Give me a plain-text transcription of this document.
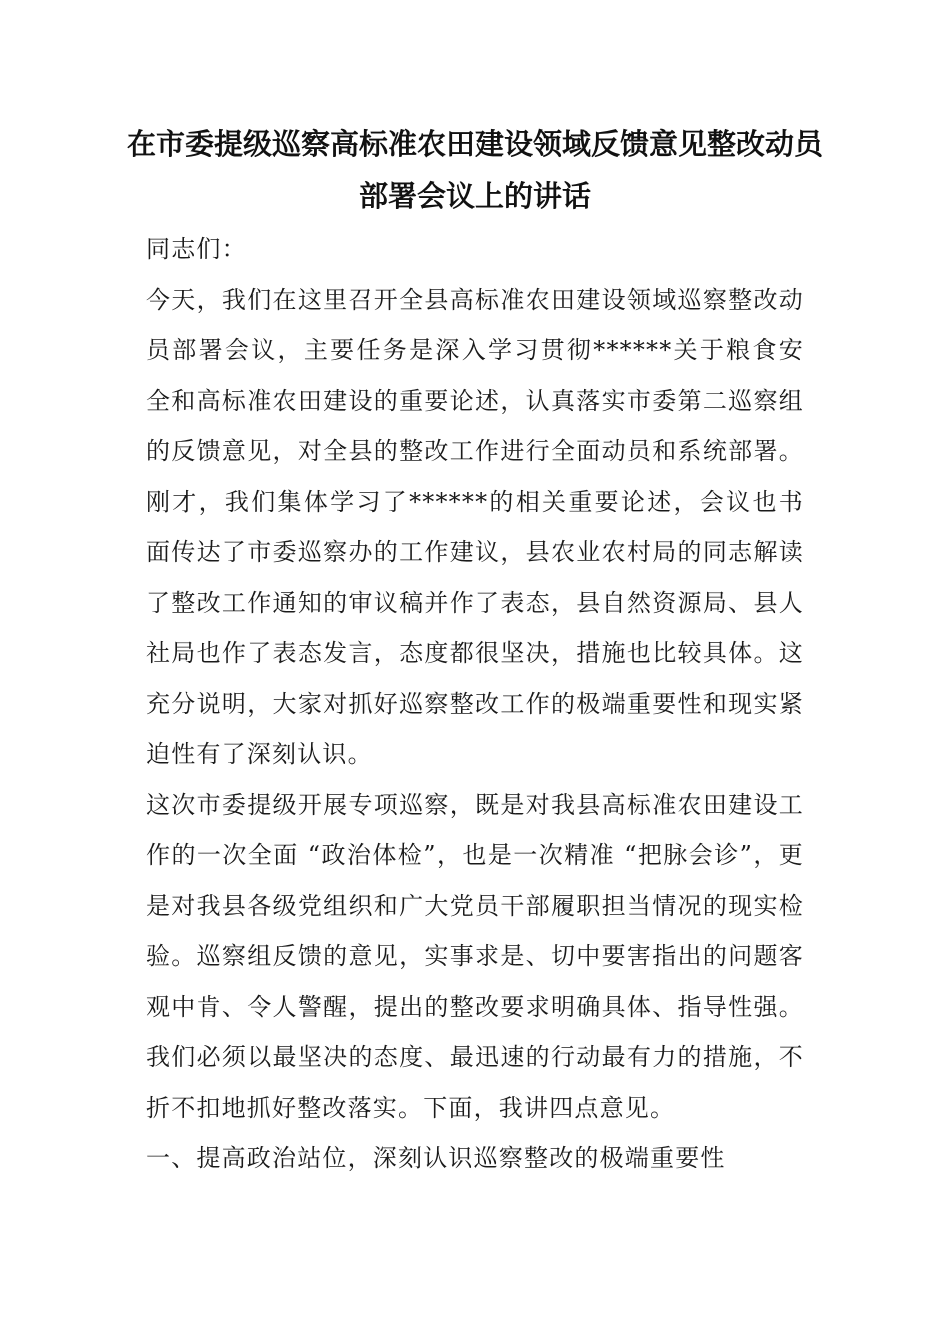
在市委提级巡察高标准农田建设领域反馈意见整改动员部署会议上的讲话

同志们：

今天，我们在这里召开全县高标准农田建设领域巡察整改动员部署会议，主要任务是深入学习贯彻******关于粮食安全和高标准农田建设的重要论述，认真落实市委第二巡察组的反馈意见，对全县的整改工作进行全面动员和系统部署。刚才，我们集体学习了******的相关重要论述，会议也书面传达了市委巡察办的工作建议，县农业农村局的同志解读了整改工作通知的审议稿并作了表态，县自然资源局、县人社局也作了表态发言，态度都很坚决，措施也比较具体。这充分说明，大家对抓好巡察整改工作的极端重要性和现实紧迫性有了深刻认识。

这次市委提级开展专项巡察，既是对我县高标准农田建设工作的一次全面 “政治体检”，也是一次精准 “把脉会诊”，更是对我县各级党组织和广大党员干部履职担当情况的现实检验。巡察组反馈的意见，实事求是、切中要害指出的问题客观中肯、令人警醒，提出的整改要求明确具体、指导性强。我们必须以最坚决的态度、最迅速的行动最有力的措施，不折不扣地抓好整改落实。下面，我讲四点意见。

一、提高政治站位，深刻认识巡察整改的极端重要性
